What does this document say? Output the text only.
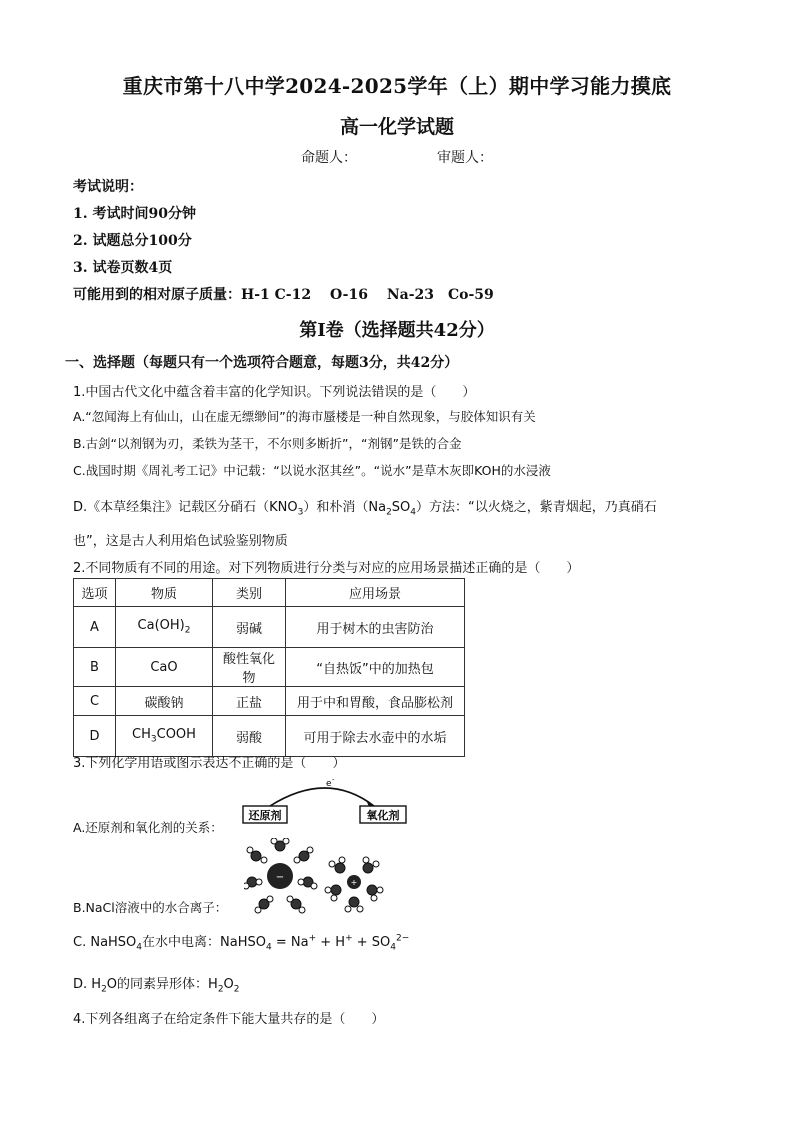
重庆市第十八中学2024-2025学年（上）期中学习能力摸底
高一化学试题
命题人：	审题人：
考试说明：
1. 考试时间90分钟
2. 试题总分100分
3. 试卷页数4页
可能用到的相对原子质量：H-1 C-12　 O-16　 Na-23　Co-59
第Ⅰ卷（选择题共42分）
一、选择题（每题只有一个选项符合题意，每题3分，共42分）
1.中国古代文化中蕴含着丰富的化学知识。下列说法错误的是（　　）
A.“忽闻海上有仙山，山在虚无缥缈间”的海市蜃楼是一种自然现象，与胶体知识有关
B.古剑“以剂钢为刃，柔铁为茎干，不尔则多断折”，“剂钢”是铁的合金
C.战国时期《周礼考工记》中记载：“以说水沤其丝”。“说水”是草木灰即KOH的水浸液
D.《本草经集注》记载区分硝石$(KNO_3)$和朴消$(Na_2SO_4)$方法：“以火烧之，紫青烟起，乃真硝石
也”，这是古人利用焰色试验鉴别物质
2.不同物质有不同的用途。对下列物质进行分类与对应的应用场景描述正确的是（　　）
选项	物质	类别	应用场景
A	$Ca(OH)_2$	弱碱	用于树木的虫害防治
B	CaO	酸性氧化物	“自热饭”中的加热包
C	碳酸钠	正盐	用于中和胃酸，食品膨松剂
D	$CH_3COOH$	弱酸	可用于除去水壶中的水垢
3.下列化学用语或图示表达不正确的是（　　）
A.还原剂和氧化剂的关系：
e -
还原剂	氧化剂
B.NaCl溶液中的水合离子：
−	+
C. NaHSO$_4$在水中电离：NaHSO$_4$ = $Na^+ + H^+ + SO_4^{2-}$
D. $H_2O$的同素异形体：$H_2O_2$
4.下列各组离子在给定条件下能大量共存的是（　　）
